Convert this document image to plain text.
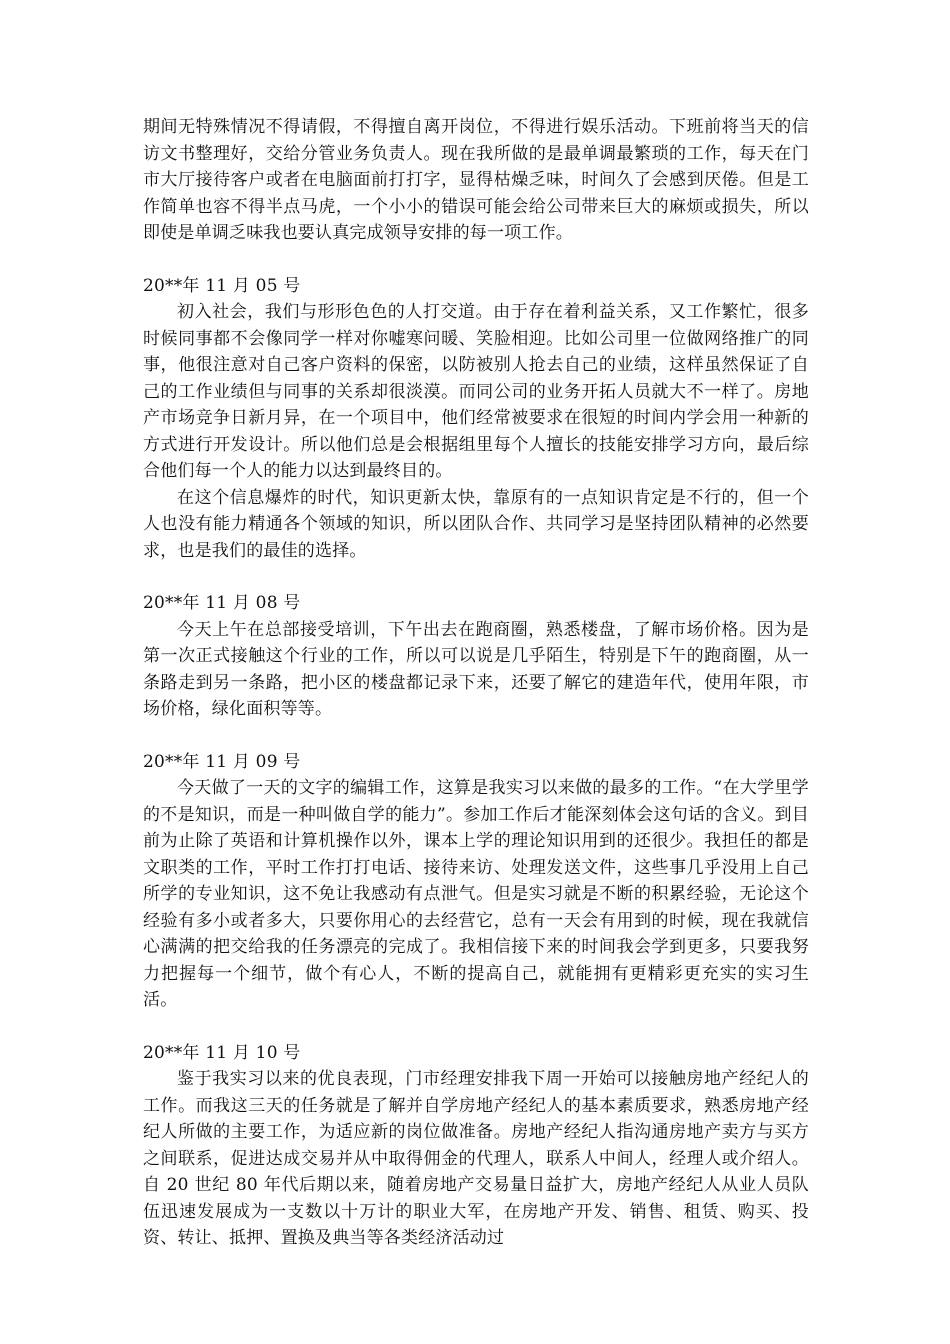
期间无特殊情况不得请假，不得擅自离开岗位，不得进行娱乐活动。下班前将当天的信访文书整理好，交给分管业务负责人。现在我所做的是最单调最繁琐的工作，每天在门市大厅接待客户或者在电脑面前打打字，显得枯燥乏味，时间久了会感到厌倦。但是工作简单也容不得半点马虎，一个小小的错误可能会给公司带来巨大的麻烦或损失，所以即使是单调乏味我也要认真完成领导安排的每一项工作。

20**年 11 月 05 号

初入社会，我们与形形色色的人打交道。由于存在着利益关系，又工作繁忙，很多时候同事都不会像同学一样对你嘘寒问暖、笑脸相迎。比如公司里一位做网络推广的同事，他很注意对自己客户资料的保密，以防被别人抢去自己的业绩，这样虽然保证了自己的工作业绩但与同事的关系却很淡漠。而同公司的业务开拓人员就大不一样了。房地产市场竞争日新月异，在一个项目中，他们经常被要求在很短的时间内学会用一种新的方式进行开发设计。所以他们总是会根据组里每个人擅长的技能安排学习方向，最后综合他们每一个人的能力以达到最终目的。

在这个信息爆炸的时代，知识更新太快，靠原有的一点知识肯定是不行的，但一个人也没有能力精通各个领域的知识，所以团队合作、共同学习是坚持团队精神的必然要求，也是我们的最佳的选择。

20**年 11 月 08 号

今天上午在总部接受培训，下午出去在跑商圈，熟悉楼盘，了解市场价格。因为是第一次正式接触这个行业的工作，所以可以说是几乎陌生，特别是下午的跑商圈，从一条路走到另一条路，把小区的楼盘都记录下来，还要了解它的建造年代，使用年限，市场价格，绿化面积等等。

20**年 11 月 09 号

今天做了一天的文字的编辑工作，这算是我实习以来做的最多的工作。“在大学里学的不是知识，而是一种叫做自学的能力”。参加工作后才能深刻体会这句话的含义。到目前为止除了英语和计算机操作以外，课本上学的理论知识用到的还很少。我担任的都是文职类的工作，平时工作打打电话、接待来访、处理发送文件，这些事几乎没用上自己所学的专业知识，这不免让我感动有点泄气。但是实习就是不断的积累经验，无论这个经验有多小或者多大，只要你用心的去经营它，总有一天会有用到的时候，现在我就信心满满的把交给我的任务漂亮的完成了。我相信接下来的时间我会学到更多，只要我努力把握每一个细节，做个有心人，不断的提高自己，就能拥有更精彩更充实的实习生活。

20**年 11 月 10 号

鉴于我实习以来的优良表现，门市经理安排我下周一开始可以接触房地产经纪人的工作。而我这三天的任务就是了解并自学房地产经纪人的基本素质要求，熟悉房地产经纪人所做的主要工作，为适应新的岗位做准备。房地产经纪人指沟通房地产卖方与买方之间联系，促进达成交易并从中取得佣金的代理人，联系人中间人，经理人或介绍人。自 20 世纪 80 年代后期以来，随着房地产交易量日益扩大，房地产经纪人从业人员队伍迅速发展成为一支数以十万计的职业大军，在房地产开发、销售、租赁、购买、投资、转让、抵押、置换及典当等各类经济活动过
